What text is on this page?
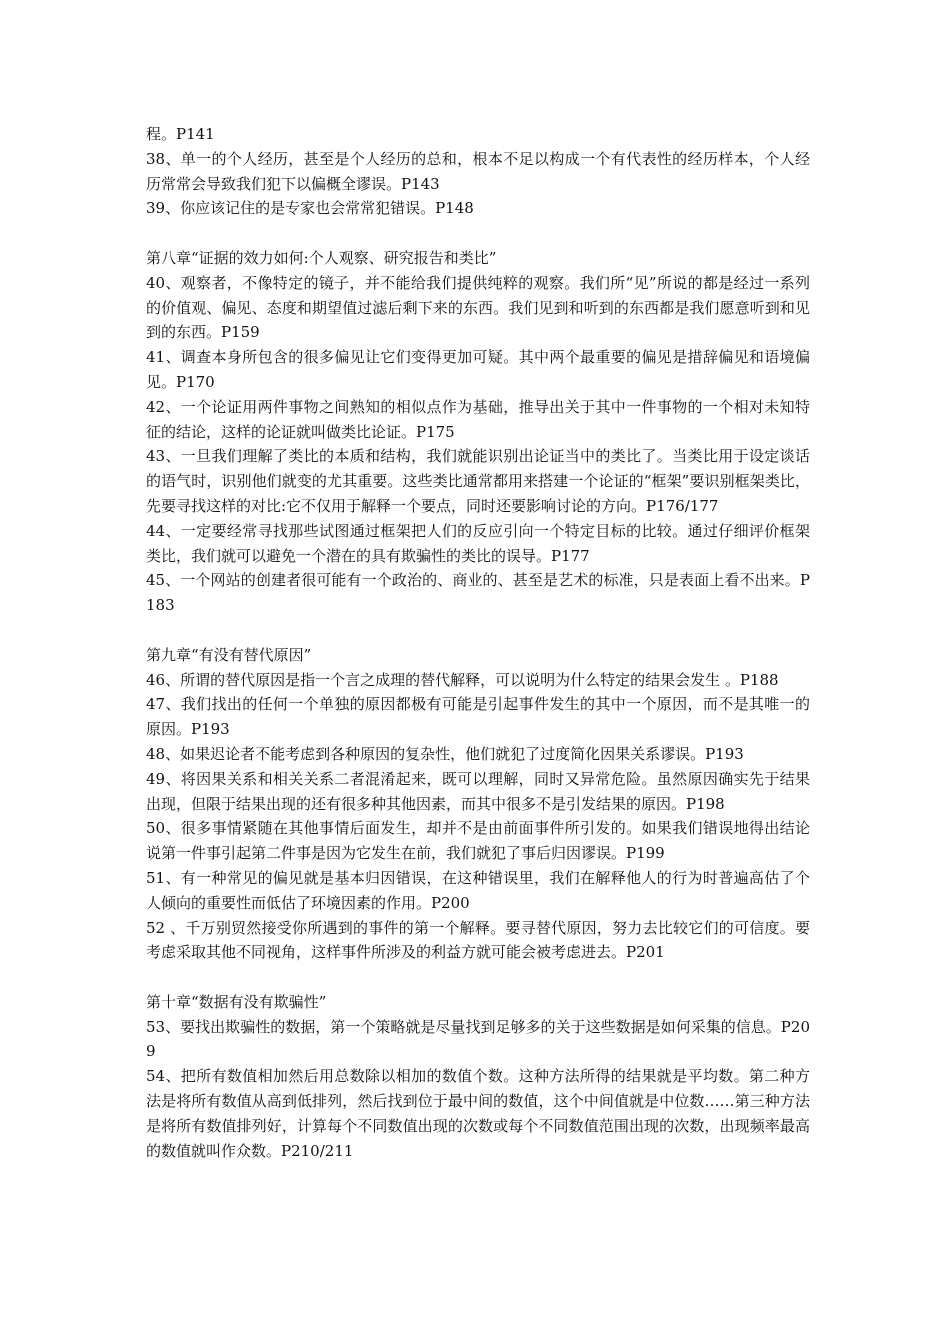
程。P141

38、单一的个人经历，甚至是个人经历的总和，根本不足以构成一个有代表性的经历样本，个人经历常常会导致我们犯下以偏概全谬误。P143

39、你应该记住的是专家也会常常犯错误。P148

第八章“证据的效力如何:个人观察、研究报告和类比”

40、观察者，不像特定的镜子，并不能给我们提供纯粹的观察。我们所“见”所说的都是经过一系列的价值观、偏见、态度和期望值过滤后剩下来的东西。我们见到和听到的东西都是我们愿意听到和见到的东西。P159

41、调查本身所包含的很多偏见让它们变得更加可疑。其中两个最重要的偏见是措辞偏见和语境偏见。P170

42、一个论证用两件事物之间熟知的相似点作为基础，推导出关于其中一件事物的一个相对未知特征的结论，这样的论证就叫做类比论证。P175

43、一旦我们理解了类比的本质和结构，我们就能识别出论证当中的类比了。当类比用于设定谈话的语气时，识别他们就变的尤其重要。这些类比通常都用来搭建一个论证的“框架”要识别框架类比，先要寻找这样的对比:它不仅用于解释一个要点，同时还要影响讨论的方向。P176/177

44、一定要经常寻找那些试图通过框架把人们的反应引向一个特定目标的比较。通过仔细评价框架类比，我们就可以避免一个潜在的具有欺骗性的类比的误导。P177

45、一个网站的创建者很可能有一个政治的、商业的、甚至是艺术的标准，只是表面上看不出来。P183

第九章“有没有替代原因”

46、所谓的替代原因是指一个言之成理的替代解释，可以说明为什么特定的结果会发生 。P188

47、我们找出的任何一个单独的原因都极有可能是引起事件发生的其中一个原因，而不是其唯一的原因。P193

48、如果迟论者不能考虑到各种原因的复杂性，他们就犯了过度简化因果关系谬误。P193

49、将因果关系和相关关系二者混淆起来，既可以理解，同时又异常危险。虽然原因确实先于结果出现，但限于结果出现的还有很多种其他因素，而其中很多不是引发结果的原因。P198

50、很多事情紧随在其他事情后面发生，却并不是由前面事件所引发的。如果我们错误地得出结论说第一件事引起第二件事是因为它发生在前，我们就犯了事后归因谬误。P199

51、有一种常见的偏见就是基本归因错误，在这种错误里，我们在解释他人的行为时普遍高估了个人倾向的重要性而低估了环境因素的作用。P200

52 、千万别贸然接受你所遇到的事件的第一个解释。要寻替代原因，努力去比较它们的可信度。要考虑采取其他不同视角，这样事件所涉及的利益方就可能会被考虑进去。P201

第十章“数据有没有欺骗性”

53、要找出欺骗性的数据，第一个策略就是尽量找到足够多的关于这些数据是如何采集的信息。P209

54、把所有数值相加然后用总数除以相加的数值个数。这种方法所得的结果就是平均数。第二种方法是将所有数值从高到低排列，然后找到位于最中间的数值，这个中间值就是中位数……第三种方法是将所有数值排列好，计算每个不同数值出现的次数或每个不同数值范围出现的次数，出现频率最高的数值就叫作众数。P210/211
